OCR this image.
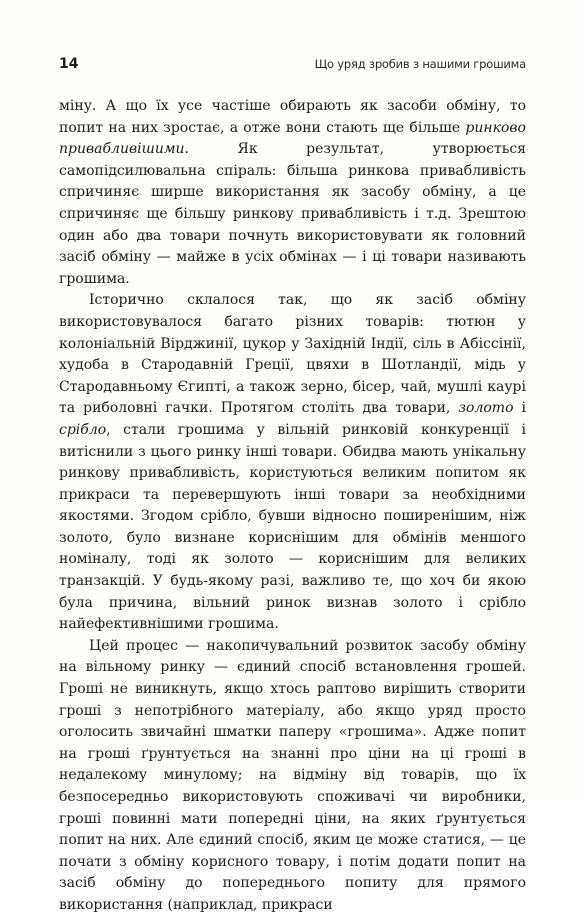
14	Що уряд зробив з нашими грошима

міну. А що їх усе частіше обирають як засоби обміну, то попит на них зростає, а отже вони стають ще більше ринково привабливішими. Як результат, утворюється самопідсилювальна спіраль: більша ринкова привабливість спричиняє ширше використання як засобу обміну, а це спричиняє ще більшу ринкову привабливість і т.д. Зрештою один або два товари почнуть використовувати як головний засіб обміну — майже в усіх обмінах — і ці товари називають грошима.

Історично склалося так, що як засіб обміну використовувалося багато різних товарів: тютюн у колоніальній Вірджинії, цукор у Західній Індії, сіль в Абіссінії, худоба в Стародавній Греції, цвяхи в Шотландії, мідь у Стародавньому Єгипті, а також зерно, бісер, чай, мушлі каурі та риболовні гачки. Протягом століть два товари, золото і срібло, стали грошима у вільній ринковій конкуренції і витіснили з цього ринку інші товари. Обидва мають унікальну ринкову привабливість, користуються великим попитом як прикраси та перевершують інші товари за необхідними якостями. Згодом срібло, бувши відносно поширенішим, ніж золото, було визнане кориснішим для обмінів меншого номіналу, тоді як золото — кориснішим для великих транзакцій. У будь-якому разі, важливо те, що хоч би якою була причина, вільний ринок визнав золото і срібло найефективнішими грошима.

Цей процес — накопичувальний розвиток засобу обміну на вільному ринку — єдиний спосіб встановлення грошей. Гроші не виникнуть, якщо хтось раптово вирішить створити гроші з непотрібного матеріалу, або якщо уряд просто оголосить звичайні шматки паперу «грошима». Адже попит на гроші ґрунтується на знанні про ціни на ці гроші в недалекому минулому; на відміну від товарів, що їх безпосередньо використовують споживачі чи виробники, гроші повинні мати попередні ціни, на яких ґрунтується попит на них. Але єдиний спосіб, яким це може статися, — це почати з обміну корисного товару, і потім додати попит на засіб обміну до попереднього попиту для прямого використання (наприклад, прикраси
